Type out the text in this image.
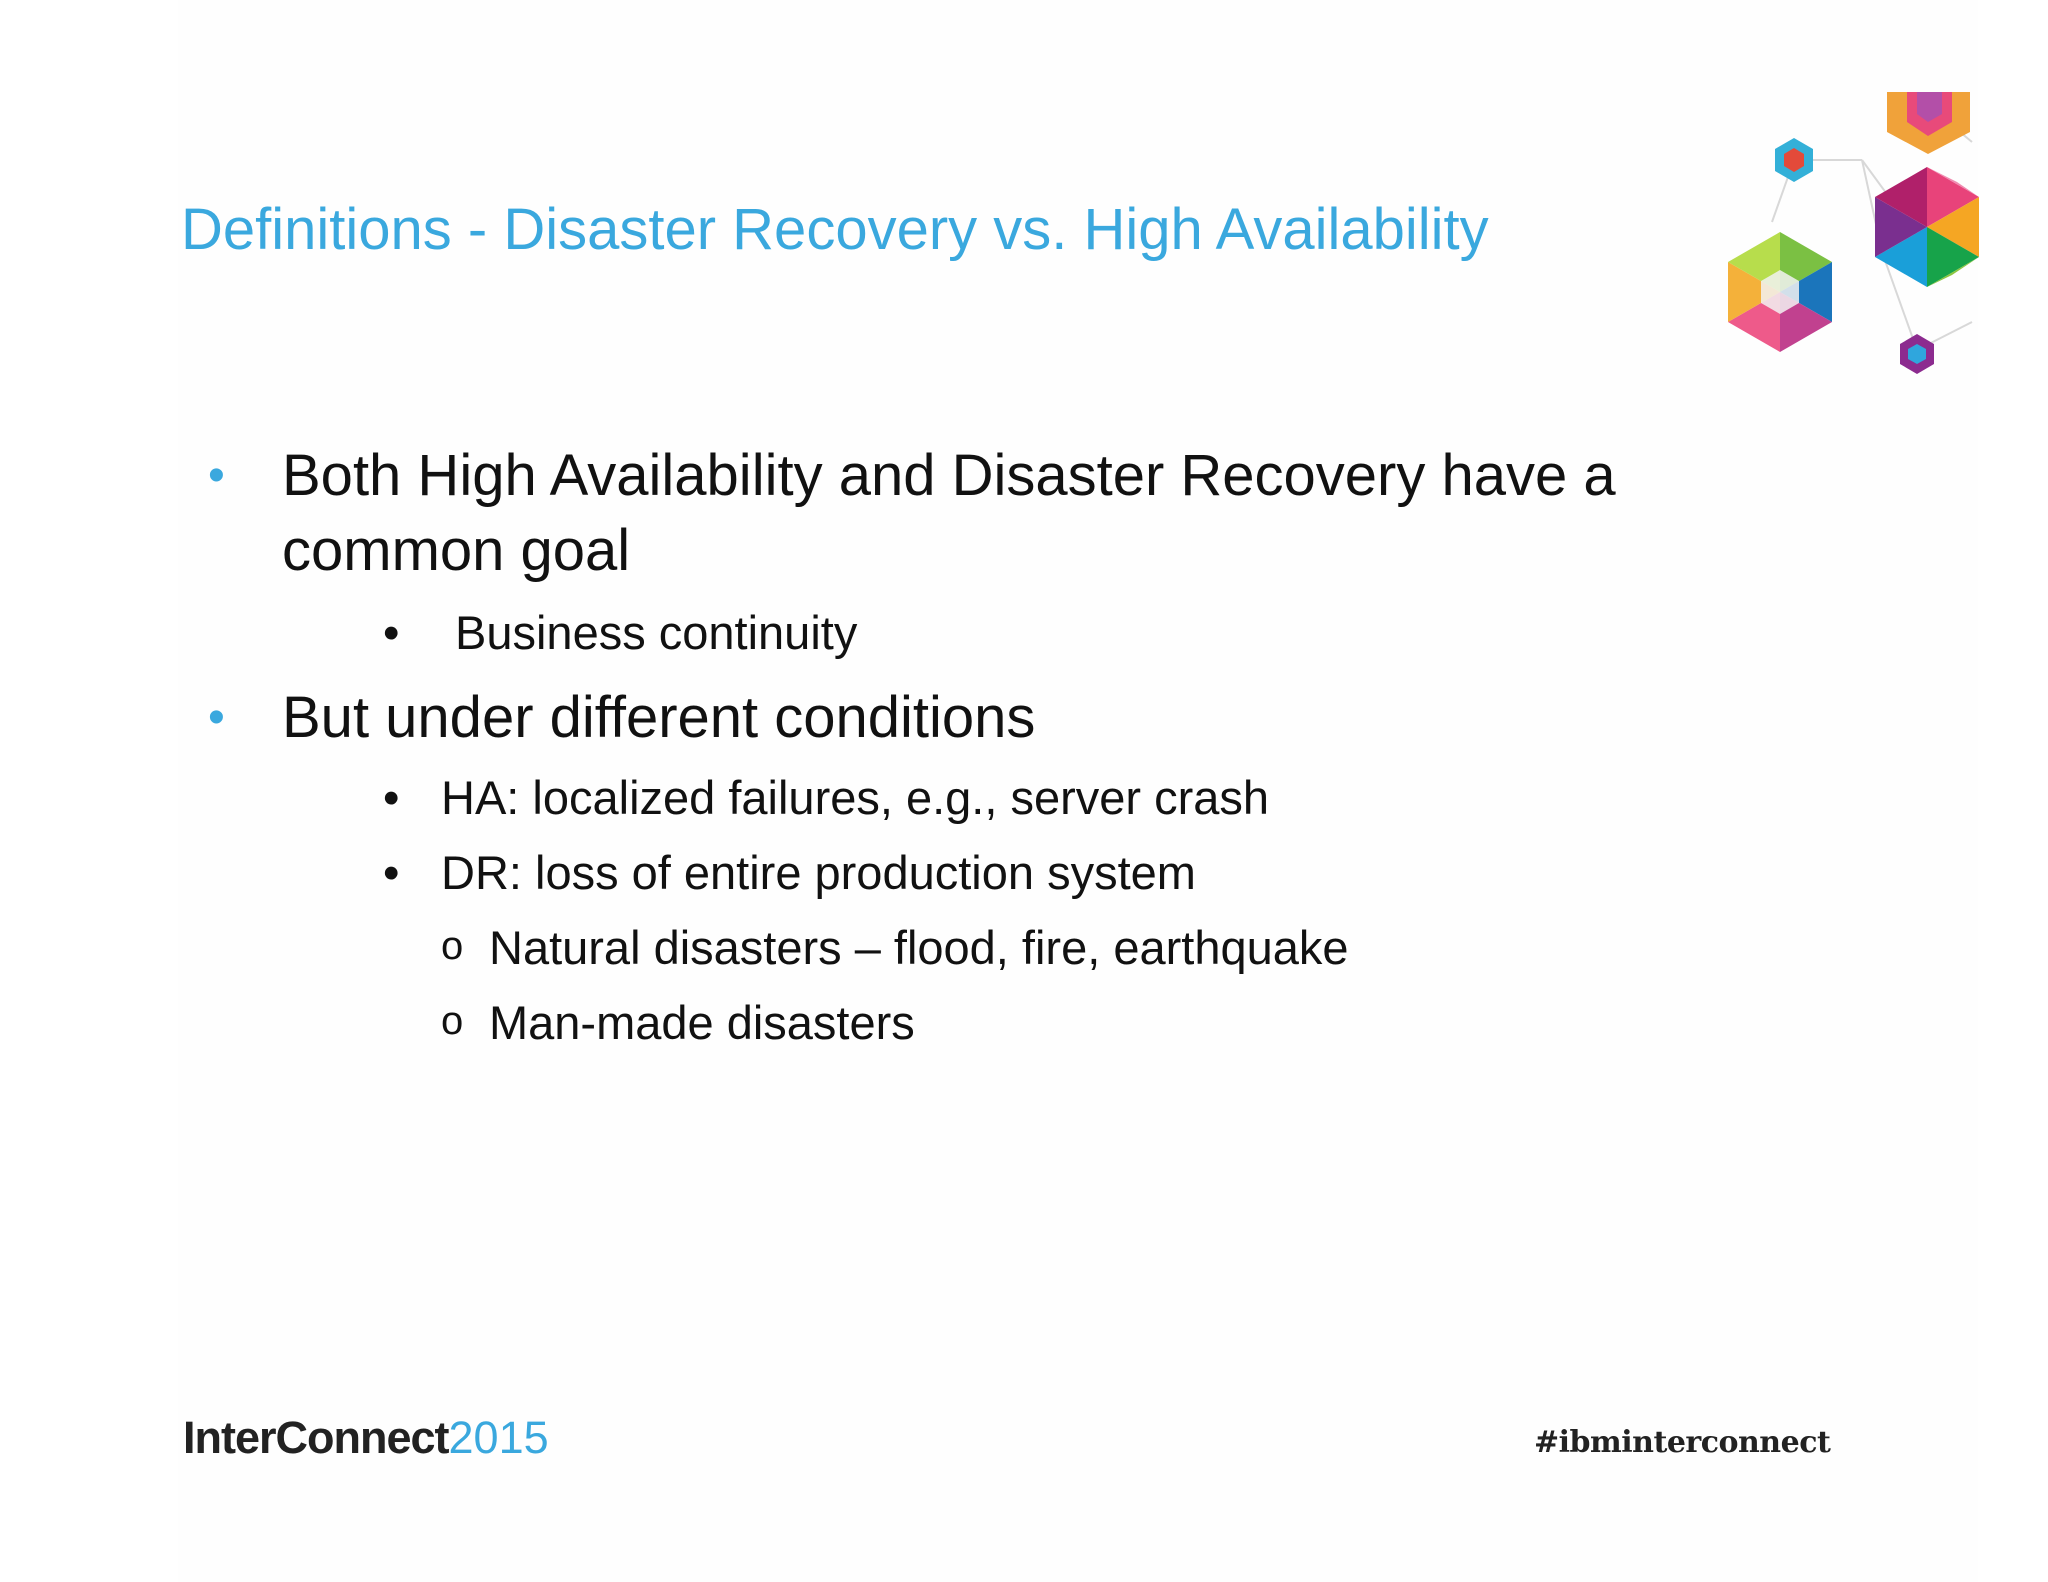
Definitions - Disaster Recovery vs. High Availability
• Both High Availability and Disaster Recovery have a
common goal
• Business continuity
• But under different conditions
• HA: localized failures, e.g., server crash
• DR: loss of entire production system
o Natural disasters – flood, fire, earthquake
o Man-made disasters
InterConnect2015	#ibminterconnect
